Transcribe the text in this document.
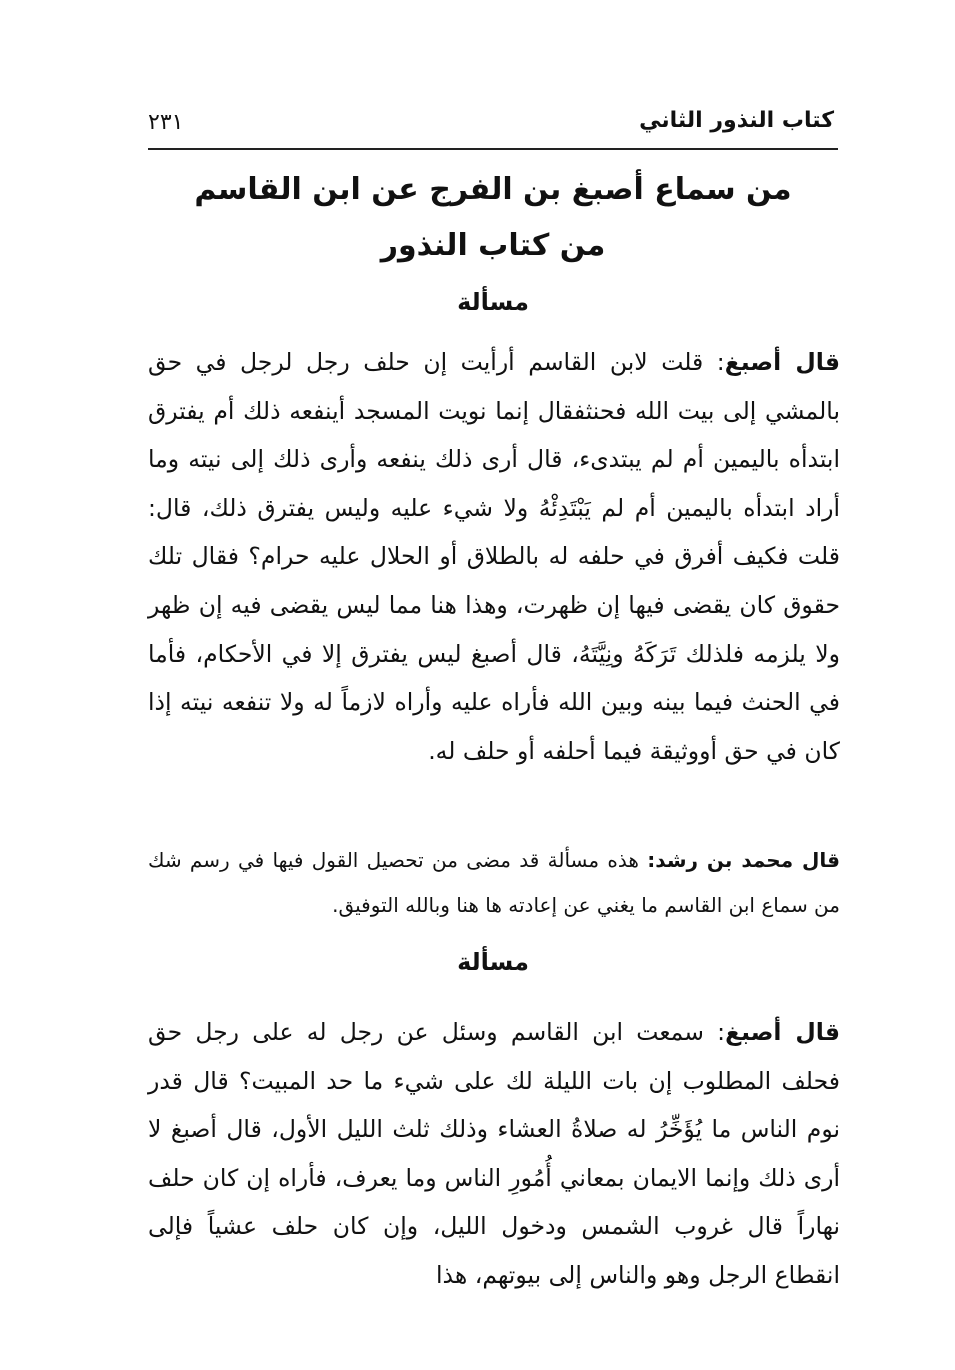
كتاب النذور الثاني
٢٣١
من سماع أصبغ بن الفرج عن ابن القاسم
من كتاب النذور
مسألة

قال أصبغ: قلت لابن القاسم أرأيت إن حلف رجل لرجل في حق بالمشي إلى بيت الله فحنثفقال إنما نويت المسجد أينفعه ذلك أم يفترق ابتدأه باليمين أم لم يبتدىء، قال أرى ذلك ينفعه وأرى ذلك إلى نيته وما أراد ابتدأه باليمين أم لم يَبْتَدِئْهُ ولا شيء عليه وليس يفترق ذلك، قال: قلت فكيف أفرق في حلفه له بالطلاق أو الحلال عليه حرام؟ فقال تلك حقوق كان يقضى فيها إن ظهرت، وهذا هنا مما ليس يقضى فيه إن ظهر ولا يلزمه فلذلك تَرَكَهُ ونِيَّتَهُ، قال أصبغ ليس يفترق إلا في الأحكام، فأما في الحنث فيما بينه وبين الله فأراه عليه وأراه لازماً له ولا تنفعه نيته إذا كان في حق أووثيقة فيما أحلفه أو حلف له.

قال محمد بن رشد: هذه مسألة قد مضى من تحصيل القول فيها في رسم شك من سماع ابن القاسم ما يغني عن إعادته ها هنا وبالله التوفيق.

مسألة

قال أصبغ: سمعت ابن القاسم وسئل عن رجل له على رجل حق فحلف المطلوب إن بات الليلة لك على شيء ما حد المبيت؟ قال قدر نوم الناس ما يُؤَخِّرُ له صلاةُ العشاء وذلك ثلث الليل الأول، قال أصبغ لا أرى ذلك وإنما الايمان بمعاني أُمُورِ الناس وما يعرف، فأراه إن كان حلف نهاراً قال غروب الشمس ودخول الليل، وإن كان حلف عشياً فإلى انقطاع الرجل وهو والناس إلى بيوتهم، هذا
